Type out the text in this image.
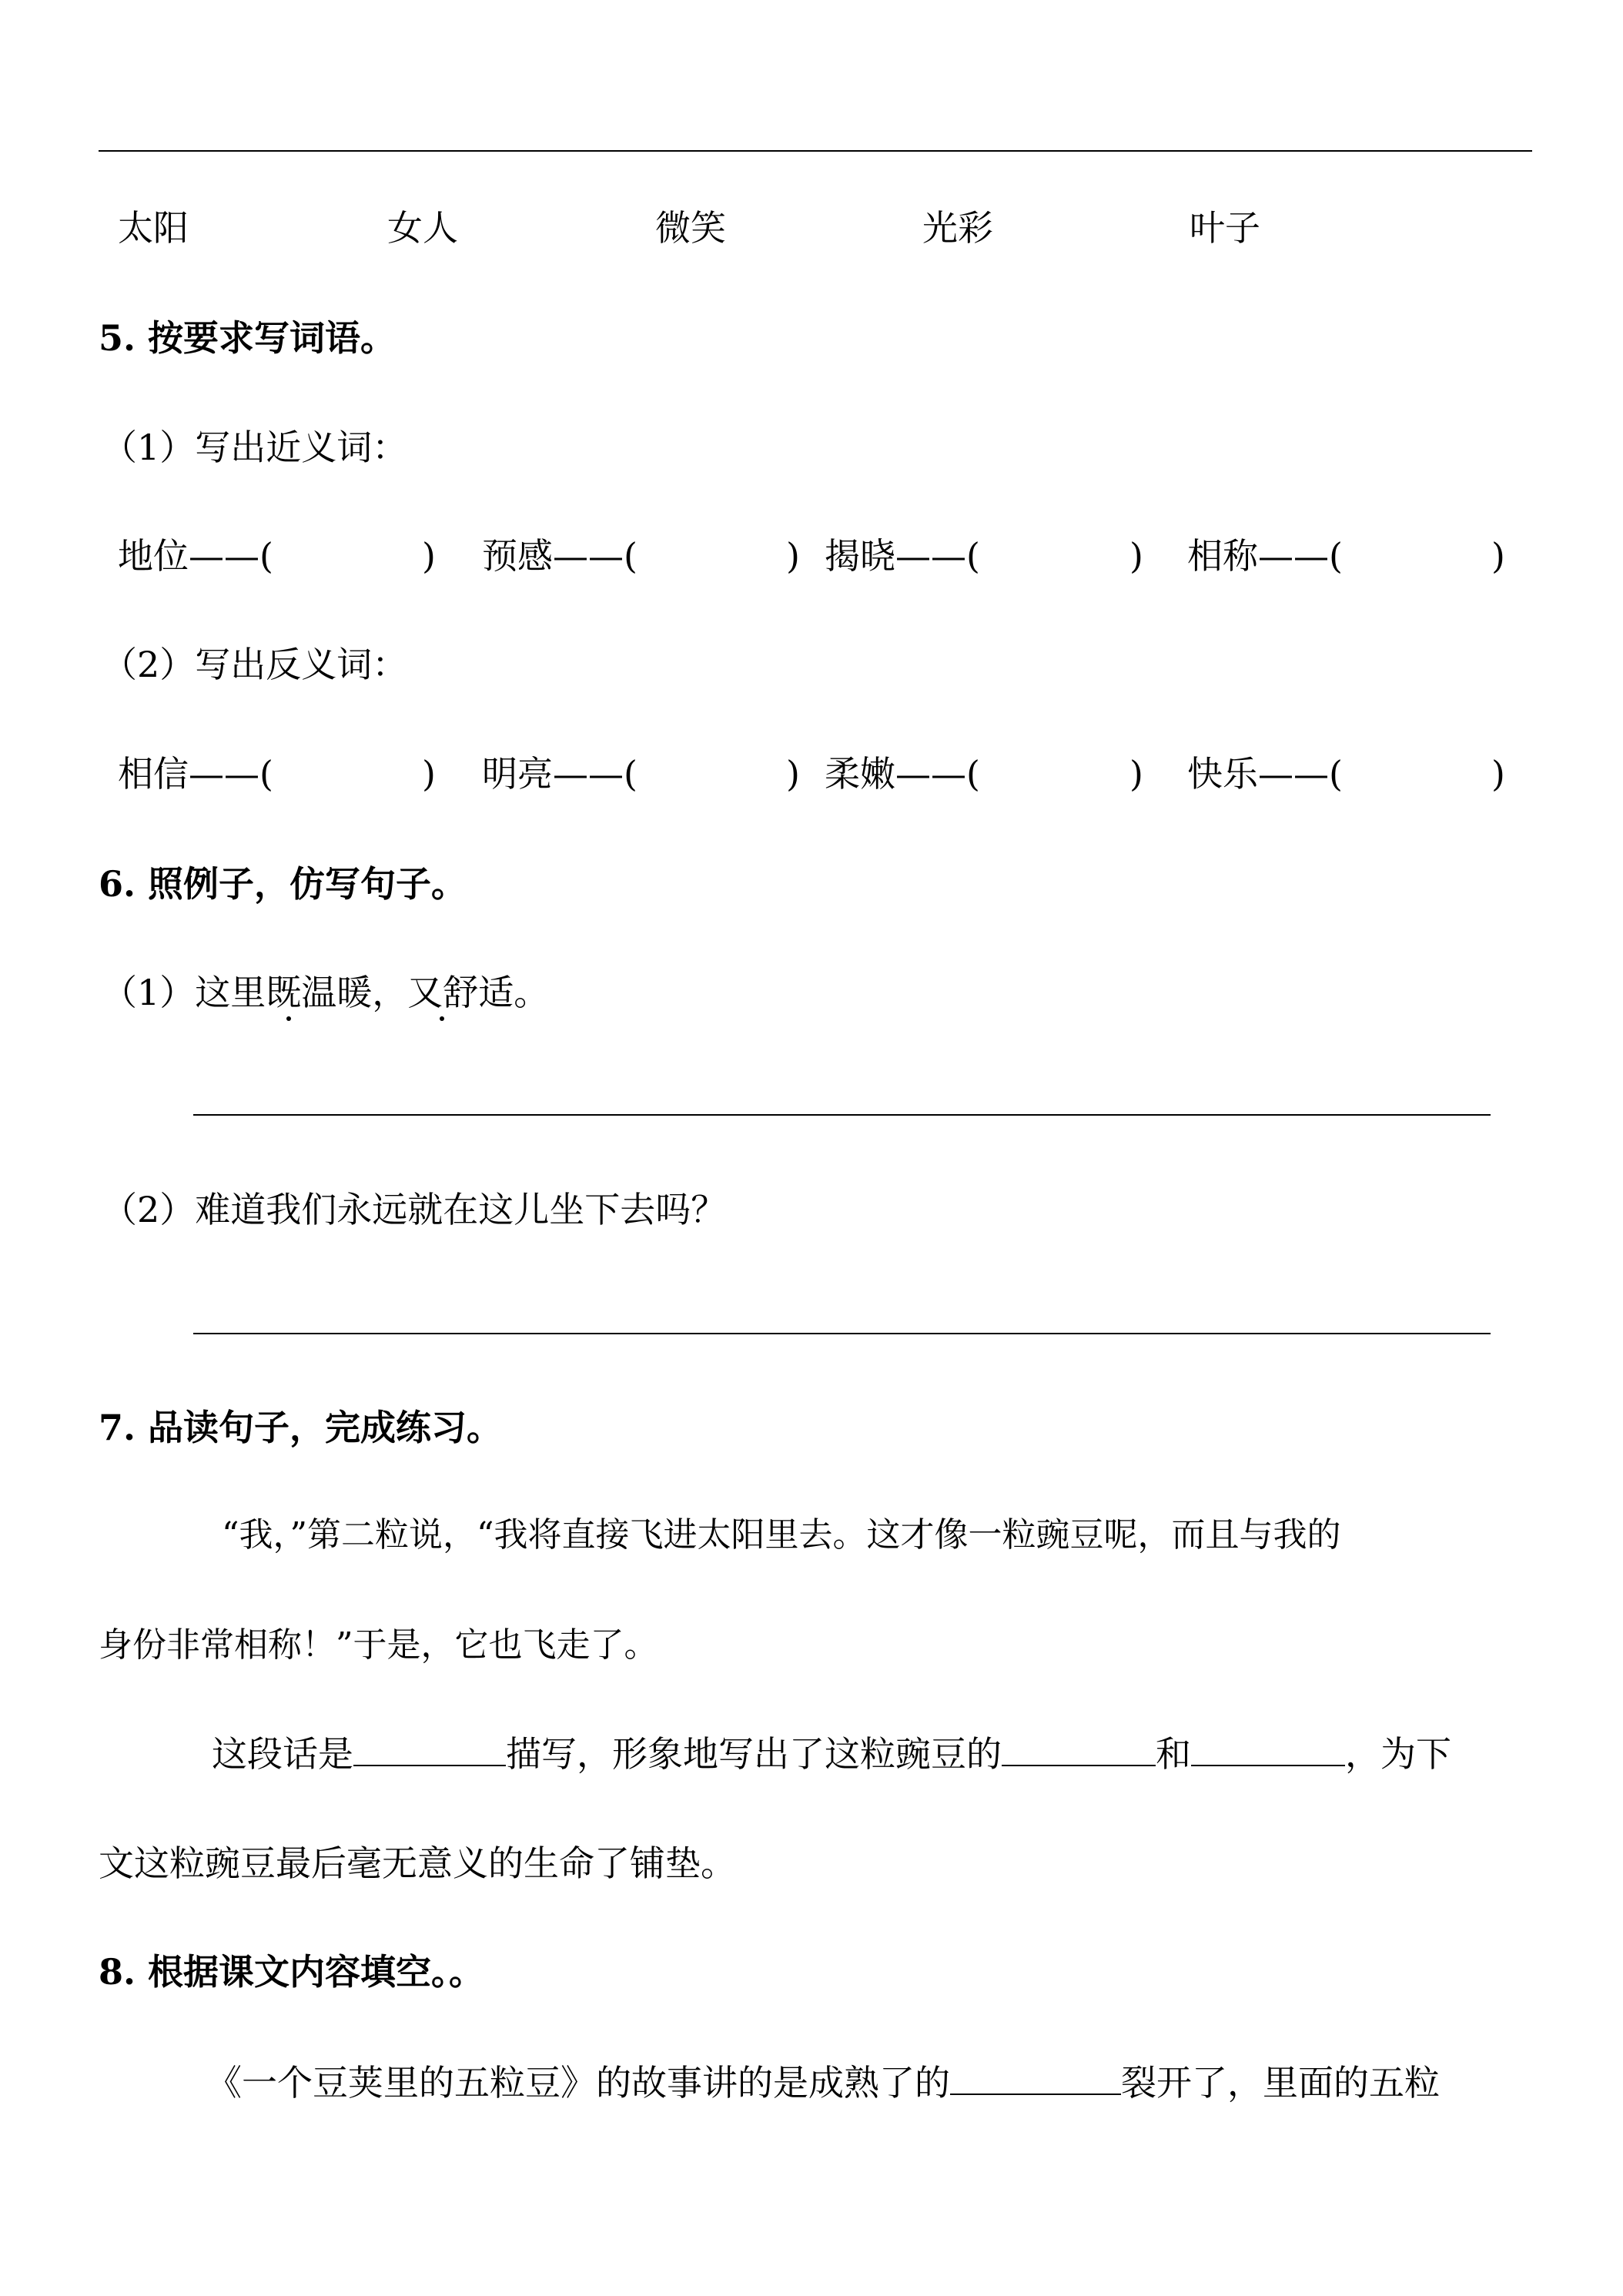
太阳	女人	微笑	光彩	叶子
5. 按要求写词语。
（1）写出近义词：
地位——(	) 预感——(	) 揭晓——(	) 相称——(	)
（2）写出反义词：
相信——(	) 明亮——(	) 柔嫩——(	) 快乐——(	)
6. 照例子，仿写句子。
（1）这里既温暖，又舒适。
（2）难道我们永远就在这儿坐下去吗？
7. 品读句子，完成练习。
“我，”第二粒说，“我将直接飞进太阳里去。这才像一粒豌豆呢，而且与我的
身份非常相称！”于是，它也飞走了。
这段话是	描写，形象地写出了这粒豌豆的	和	，为下
文这粒豌豆最后毫无意义的生命了铺垫。
8. 根据课文内容填空。。
《一个豆荚里的五粒豆》的故事讲的是成熟了的	裂开了，里面的五粒
